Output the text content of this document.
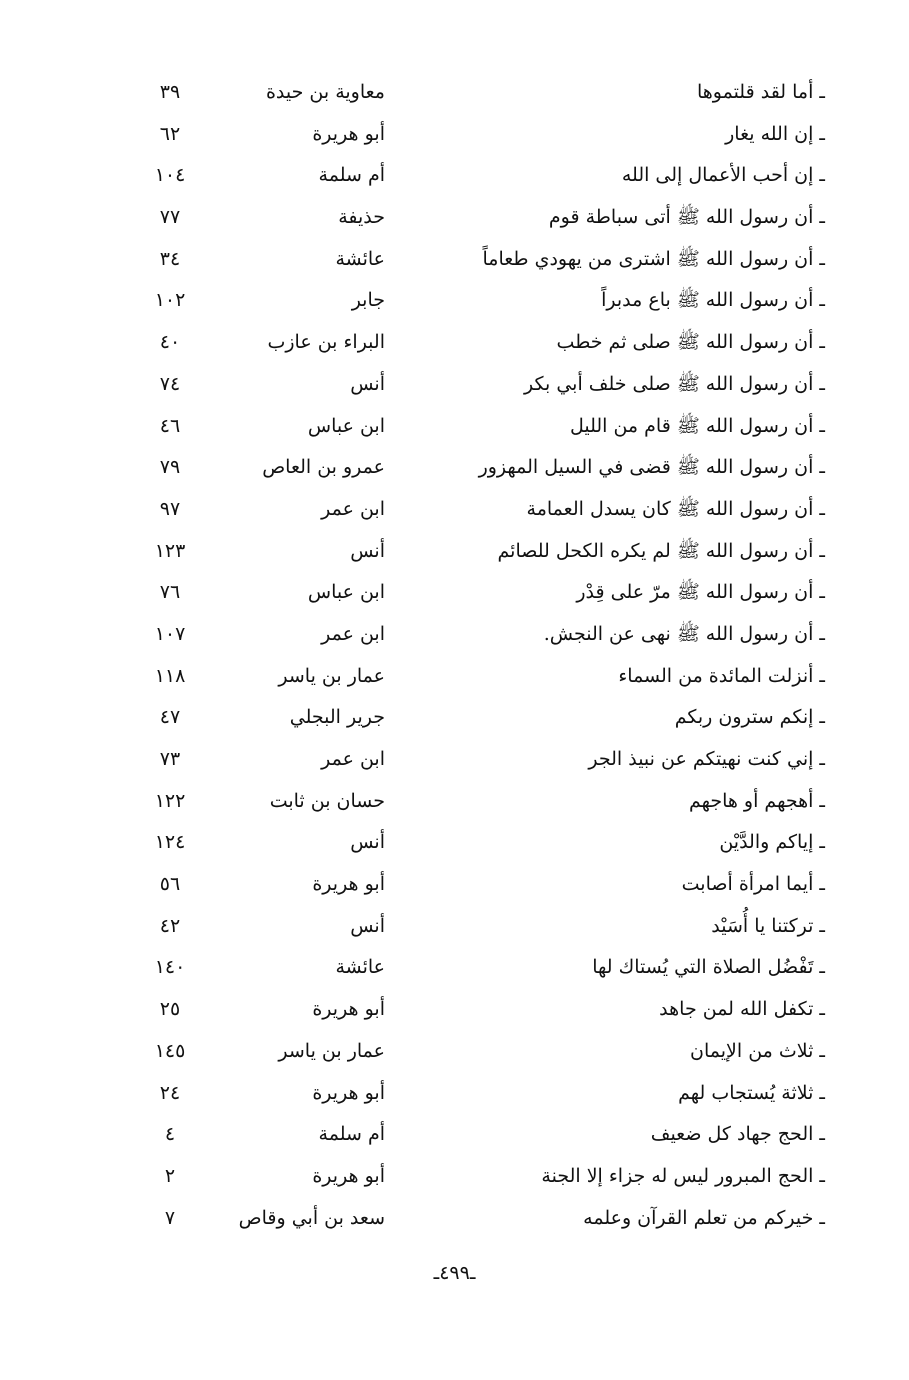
ـ أما لقد قلتموها
معاوية بن حيدة
٣٩
ـ إن الله يغار
أبو هريرة
٦٢
ـ إن أحب الأعمال إلى الله
أم سلمة
١٠٤
ـ أن رسول الله ﷺ أتى سباطة قوم
حذيفة
٧٧
ـ أن رسول الله ﷺ اشترى من يهودي طعاماً
عائشة
٣٤
ـ أن رسول الله ﷺ باع مدبراً
جابر
١٠٢
ـ أن رسول الله ﷺ صلى ثم خطب
البراء بن عازب
٤٠
ـ أن رسول الله ﷺ صلى خلف أبي بكر
أنس
٧٤
ـ أن رسول الله ﷺ قام من الليل
ابن عباس
٤٦
ـ أن رسول الله ﷺ قضى في السيل المهزور
عمرو بن العاص
٧٩
ـ أن رسول الله ﷺ كان يسدل العمامة
ابن عمر
٩٧
ـ أن رسول الله ﷺ لم يكره الكحل للصائم
أنس
١٢٣
ـ أن رسول الله ﷺ مرّ على قِدْر
ابن عباس
٧٦
ـ أن رسول الله ﷺ نهى عن النجش.
ابن عمر
١٠٧
ـ أنزلت المائدة من السماء
عمار بن ياسر
١١٨
ـ إنكم سترون ربكم
جرير البجلي
٤٧
ـ إني كنت نهيتكم عن نبيذ الجر
ابن عمر
٧٣
ـ أهجهم أو هاجهم
حسان بن ثابت
١٢٢
ـ إياكم والدَّيْن
أنس
١٢٤
ـ أيما امرأة أصابت
أبو هريرة
٥٦
ـ تركتنا يا أُسَيْد
أنس
٤٢
ـ تَفْضُل الصلاة التي يُستاك لها
عائشة
١٤٠
ـ تكفل الله لمن جاهد
أبو هريرة
٢٥
ـ ثلاث من الإيمان
عمار بن ياسر
١٤٥
ـ ثلاثة يُستجاب لهم
أبو هريرة
٢٤
ـ الحج جهاد كل ضعيف
أم سلمة
٤
ـ الحج المبرور ليس له جزاء إلا الجنة
أبو هريرة
٢
ـ خيركم من تعلم القرآن وعلمه
سعد بن أبي وقاص
٧
ـ٤٩٩ـ
